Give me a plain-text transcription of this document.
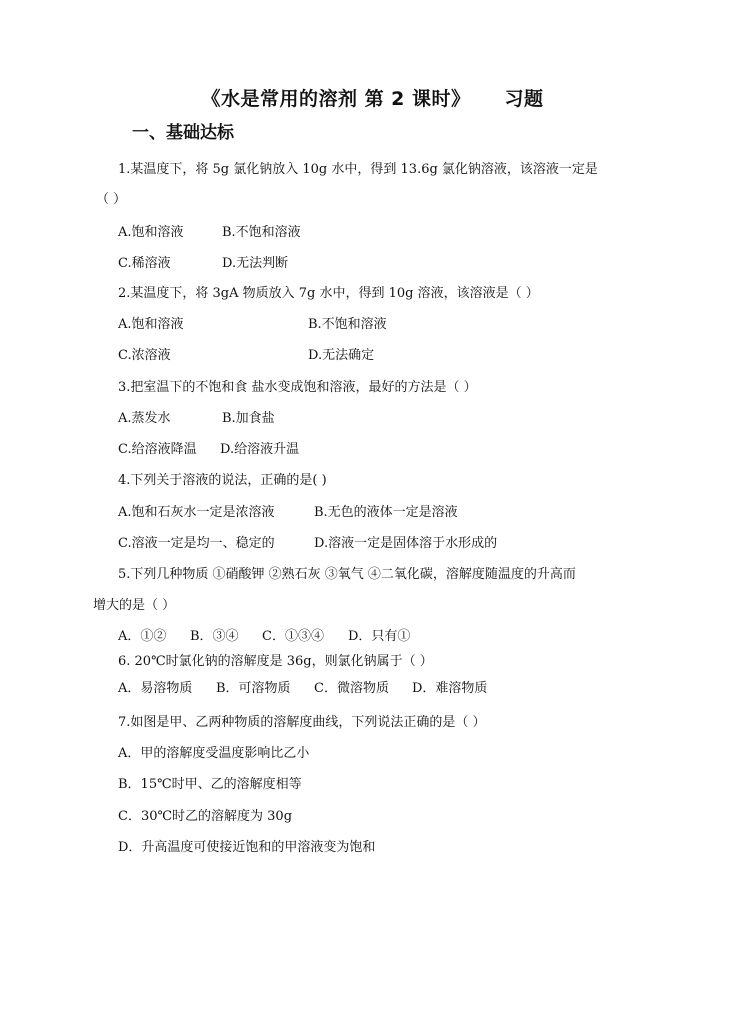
《水是常用的溶剂 第 2 课时》 习题
一、基础达标
1.某温度下，将 5g 氯化钠放入 10g 水中，得到 13.6g 氯化钠溶液，该溶液一定是
（ ）
A.饱和溶液	B.不饱和溶液
C.稀溶液	D.无法判断
2.某温度下，将 3gA 物质放入 7g 水中，得到 10g 溶液，该溶液是（ ）
A.饱和溶液	B.不饱和溶液
C.浓溶液	D.无法确定
3.把室温下的不饱和食 盐水变成饱和溶液，最好的方法是（ ）
A.蒸发水	B.加食盐
C.给溶液降温 D.给溶液升温
4.下列关于溶液的说法，正确的是( )
A.饱和石灰水一定是浓溶液	B.无色的液体一定是溶液
C.溶液一定是均一、稳定的	D.溶液一定是固体溶于水形成的
5.下列几种物质 ①硝酸钾 ②熟石灰 ③氧气 ④二氧化碳，溶解度随温度的升高而
增大的是（ ）
A．①② B．③④ C．①③④ D．只有①
6. 20℃时氯化钠的溶解度是 36g，则氯化钠属于（ ）
A．易溶物质 B．可溶物质 C．微溶物质 D．难溶物质
7.如图是甲、乙两种物质的溶解度曲线，下列说法正确的是（ ）
A．甲的溶解度受温度影响比乙小
B．15℃时甲、乙的溶解度相等
C．30℃时乙的溶解度为 30g
D．升高温度可使接近饱和的甲溶液变为饱和
